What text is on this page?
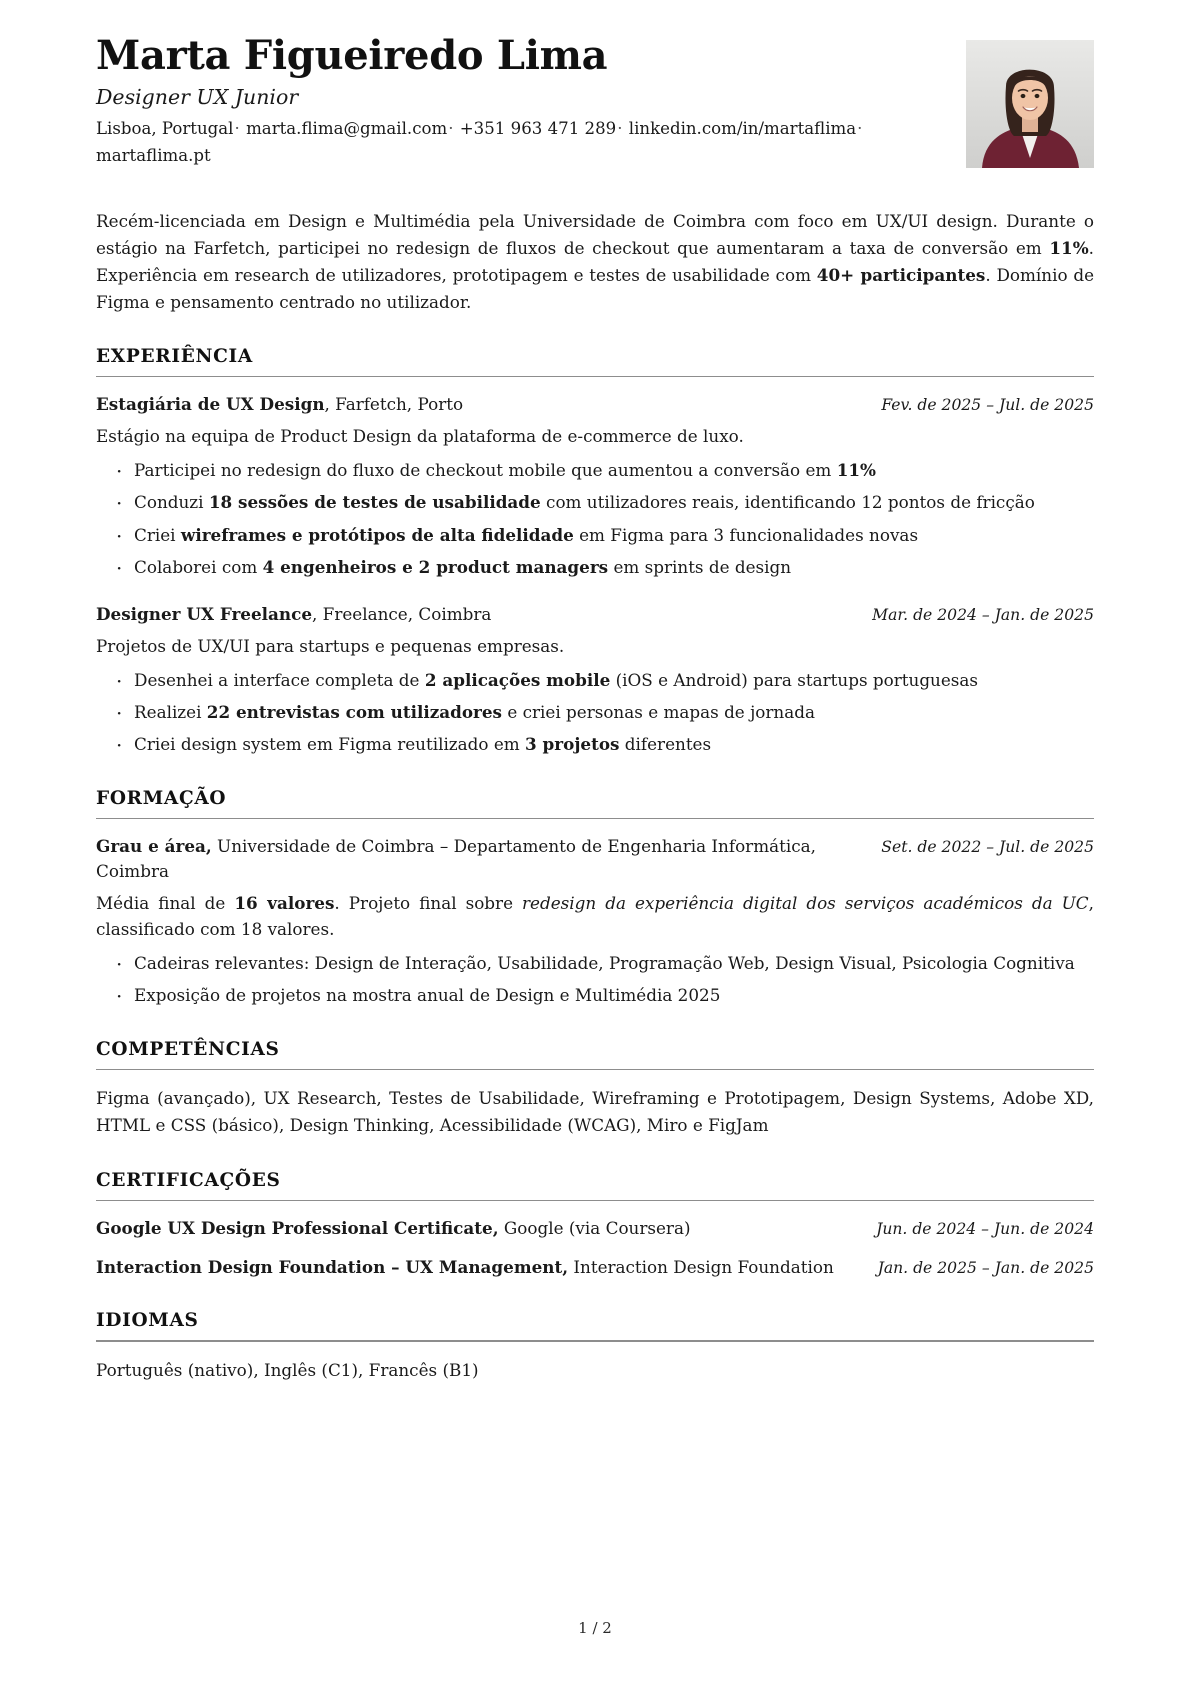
Marta Figueiredo Lima
Designer UX Junior
Lisboa, Portugal· marta.flima@gmail.com· +351 963 471 289· linkedin.com/in/martaflima· martaflima.pt

Recém-licenciada em Design e Multimédia pela Universidade de Coimbra com foco em UX/UI design. Durante o estágio na Farfetch, participei no redesign de fluxos de checkout que aumentaram a taxa de conversão em 11%. Experiência em research de utilizadores, prototipagem e testes de usabilidade com 40+ participantes. Domínio de Figma e pensamento centrado no utilizador.

EXPERIÊNCIA
Estagiária de UX Design, Farfetch, Porto	Fev. de 2025 – Jul. de 2025
Estágio na equipa de Product Design da plataforma de e-commerce de luxo.
· Participei no redesign do fluxo de checkout mobile que aumentou a conversão em 11%
· Conduzi 18 sessões de testes de usabilidade com utilizadores reais, identificando 12 pontos de fricção
· Criei wireframes e protótipos de alta fidelidade em Figma para 3 funcionalidades novas
· Colaborei com 4 engenheiros e 2 product managers em sprints de design
Designer UX Freelance, Freelance, Coimbra	Mar. de 2024 – Jan. de 2025
Projetos de UX/UI para startups e pequenas empresas.
· Desenhei a interface completa de 2 aplicações mobile (iOS e Android) para startups portuguesas
· Realizei 22 entrevistas com utilizadores e criei personas e mapas de jornada
· Criei design system em Figma reutilizado em 3 projetos diferentes
FORMAÇÃO
Grau e área, Universidade de Coimbra – Departamento de Engenharia Informática, Coimbra
Set. de 2022 – Jul. de 2025
Média final de 16 valores. Projeto final sobre redesign da experiência digital dos serviços académicos da UC, classificado com 18 valores.
· Cadeiras relevantes: Design de Interação, Usabilidade, Programação Web, Design Visual, Psicologia Cognitiva
· Exposição de projetos na mostra anual de Design e Multimédia 2025
COMPETÊNCIAS
Figma (avançado), UX Research, Testes de Usabilidade, Wireframing e Prototipagem, Design Systems, Adobe XD, HTML e CSS (básico), Design Thinking, Acessibilidade (WCAG), Miro e FigJam
CERTIFICAÇÕES
Google UX Design Professional Certificate, Google (via Coursera)	Jun. de 2024 – Jun. de 2024
Interaction Design Foundation – UX Management, Interaction Design Foundation	Jan. de 2025 – Jan. de 2025
IDIOMAS
Português (nativo), Inglês (C1), Francês (B1)
1 / 2
